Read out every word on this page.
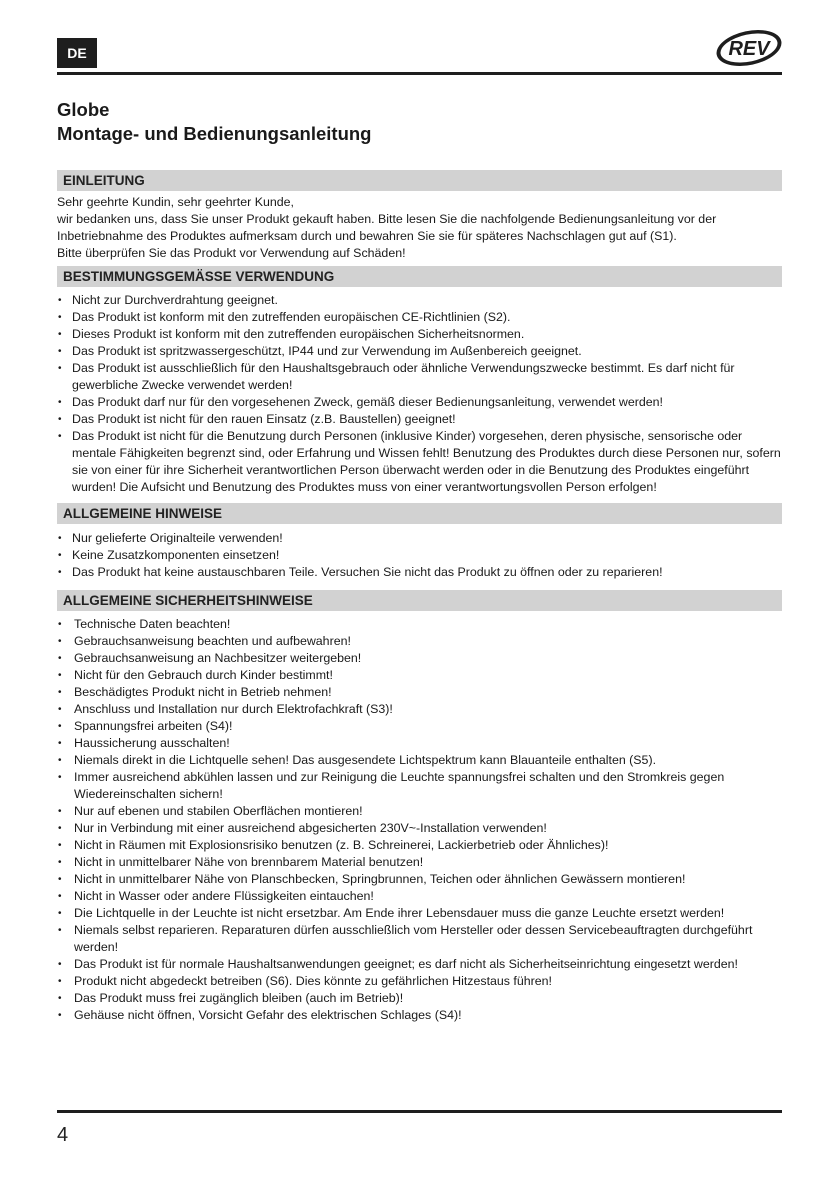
DE	REV
Globe
Montage- und Bedienungsanleitung
EINLEITUNG

Sehr geehrte Kundin, sehr geehrter Kunde,

wir bedanken uns, dass Sie unser Produkt gekauft haben. Bitte lesen Sie die nachfolgende Bedienungsanleitung vor der Inbetriebnahme des Produktes aufmerksam durch und bewahren Sie sie für späteres Nachschlagen gut auf (S1).

Bitte überprüfen Sie das Produkt vor Verwendung auf Schäden!

BESTIMMUNGSGEMÄSSE VERWENDUNG
• Nicht zur Durchverdrahtung geeignet.
• Das Produkt ist konform mit den zutreffenden europäischen CE-Richtlinien (S2).
• Dieses Produkt ist konform mit den zutreffenden europäischen Sicherheitsnormen.
• Das Produkt ist spritzwassergeschützt, IP44 und zur Verwendung im Außenbereich geeignet.
• Das Produkt ist ausschließlich für den Haushaltsgebrauch oder ähnliche Verwendungszwecke bestimmt. Es darf nicht für gewerbliche Zwecke verwendet werden!
• Das Produkt darf nur für den vorgesehenen Zweck, gemäß dieser Bedienungsanleitung, verwendet werden!
• Das Produkt ist nicht für den rauen Einsatz (z.B. Baustellen) geeignet!
• Das Produkt ist nicht für die Benutzung durch Personen (inklusive Kinder) vorgesehen, deren physische, sensorische oder mentale Fähigkeiten begrenzt sind, oder Erfahrung und Wissen fehlt! Benutzung des Produktes durch diese Personen nur, sofern sie von einer für ihre Sicherheit verantwortlichen Person überwacht werden oder in die Benutzung des Produktes eingeführt wurden! Die Aufsicht und Benutzung des Produktes muss von einer verantwortungsvollen Person erfolgen!
ALLGEMEINE HINWEISE
• Nur gelieferte Originalteile verwenden!
• Keine Zusatzkomponenten einsetzen!
• Das Produkt hat keine austauschbaren Teile. Versuchen Sie nicht das Produkt zu öffnen oder zu reparieren!
ALLGEMEINE SICHERHEITSHINWEISE
• Technische Daten beachten!
• Gebrauchsanweisung beachten und aufbewahren!
• Gebrauchsanweisung an Nachbesitzer weitergeben!
• Nicht für den Gebrauch durch Kinder bestimmt!
• Beschädigtes Produkt nicht in Betrieb nehmen!
• Anschluss und Installation nur durch Elektrofachkraft (S3)!
• Spannungsfrei arbeiten (S4)!
• Haussicherung ausschalten!
• Niemals direkt in die Lichtquelle sehen! Das ausgesendete Lichtspektrum kann Blauanteile enthalten (S5).
• Immer ausreichend abkühlen lassen und zur Reinigung die Leuchte spannungsfrei schalten und den Stromkreis gegen Wiedereinschalten sichern!
• Nur auf ebenen und stabilen Oberflächen montieren!
• Nur in Verbindung mit einer ausreichend abgesicherten 230V~-Installation verwenden!
• Nicht in Räumen mit Explosionsrisiko benutzen (z. B. Schreinerei, Lackierbetrieb oder Ähnliches)!
• Nicht in unmittelbarer Nähe von brennbarem Material benutzen!
• Nicht in unmittelbarer Nähe von Planschbecken, Springbrunnen, Teichen oder ähnlichen Gewässern montieren!
• Nicht in Wasser oder andere Flüssigkeiten eintauchen!
• Die Lichtquelle in der Leuchte ist nicht ersetzbar. Am Ende ihrer Lebensdauer muss die ganze Leuchte ersetzt werden!
• Niemals selbst reparieren. Reparaturen dürfen ausschließlich vom Hersteller oder dessen Servicebeauftragten durchgeführt werden!
• Das Produkt ist für normale Haushaltsanwendungen geeignet; es darf nicht als Sicherheitseinrichtung eingesetzt werden!
• Produkt nicht abgedeckt betreiben (S6). Dies könnte zu gefährlichen Hitzestaus führen!
• Das Produkt muss frei zugänglich bleiben (auch im Betrieb)!
• Gehäuse nicht öffnen, Vorsicht Gefahr des elektrischen Schlages (S4)!
4
